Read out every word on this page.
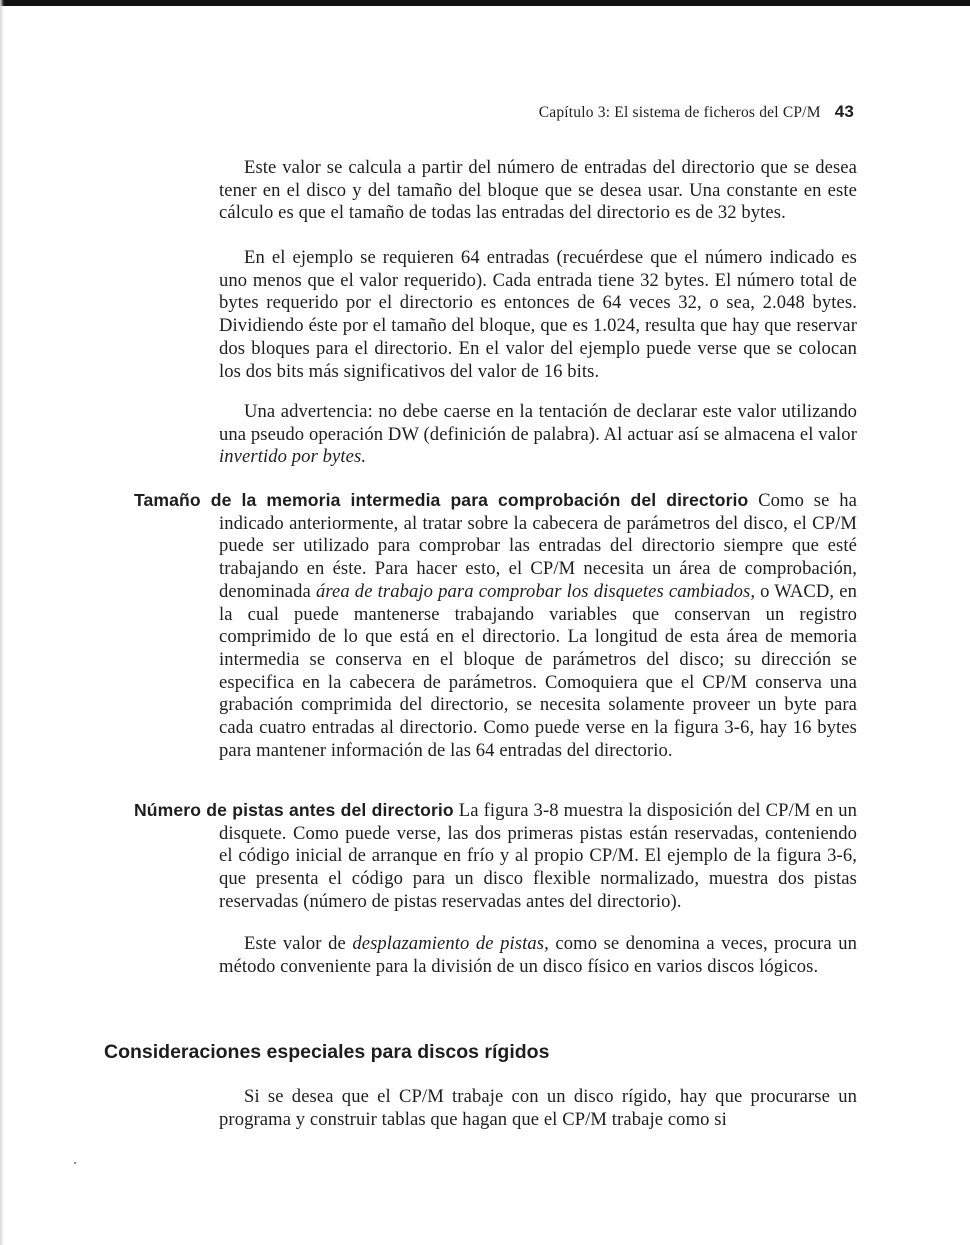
Capítulo 3: El sistema de ficheros del CP/M 43

Este valor se calcula a partir del número de entradas del directorio que se desea tener en el disco y del tamaño del bloque que se desea usar. Una constante en este cálculo es que el tamaño de todas las entradas del directorio es de 32 bytes.

En el ejemplo se requieren 64 entradas (recuérdese que el número indicado es uno menos que el valor requerido). Cada entrada tiene 32 bytes. El número total de bytes requerido por el directorio es entonces de 64 veces 32, o sea, 2.048 bytes. Dividiendo éste por el tamaño del bloque, que es 1.024, resulta que hay que reservar dos bloques para el directorio. En el valor del ejemplo puede verse que se colocan los dos bits más significativos del valor de 16 bits.

Una advertencia: no debe caerse en la tentación de declarar este valor utilizando una pseudo operación DW (definición de palabra). Al actuar así se almacena el valor invertido por bytes.

Tamaño de la memoria intermedia para comprobación del directorio Como se ha indicado anteriormente, al tratar sobre la cabecera de parámetros del disco, el CP/M puede ser utilizado para comprobar las entradas del directorio siempre que esté trabajando en éste. Para hacer esto, el CP/M necesita un área de comprobación, denominada área de trabajo para comprobar los disquetes cambiados, o WACD, en la cual puede mantenerse trabajando variables que conservan un registro comprimido de lo que está en el directorio. La longitud de esta área de memoria intermedia se conserva en el bloque de parámetros del disco; su dirección se especifica en la cabecera de parámetros. Comoquiera que el CP/M conserva una grabación comprimida del directorio, se necesita solamente proveer un byte para cada cuatro entradas al directorio. Como puede verse en la figura 3-6, hay 16 bytes para mantener información de las 64 entradas del directorio.

Número de pistas antes del directorio La figura 3-8 muestra la disposición del CP/M en un disquete. Como puede verse, las dos primeras pistas están reservadas, conteniendo el código inicial de arranque en frío y al propio CP/M. El ejemplo de la figura 3-6, que presenta el código para un disco flexible normalizado, muestra dos pistas reservadas (número de pistas reservadas antes del directorio).

Este valor de desplazamiento de pistas, como se denomina a veces, procura un método conveniente para la división de un disco físico en varios discos lógicos.

Consideraciones especiales para discos rígidos

Si se desea que el CP/M trabaje con un disco rígido, hay que procurarse un programa y construir tablas que hagan que el CP/M trabaje como si
